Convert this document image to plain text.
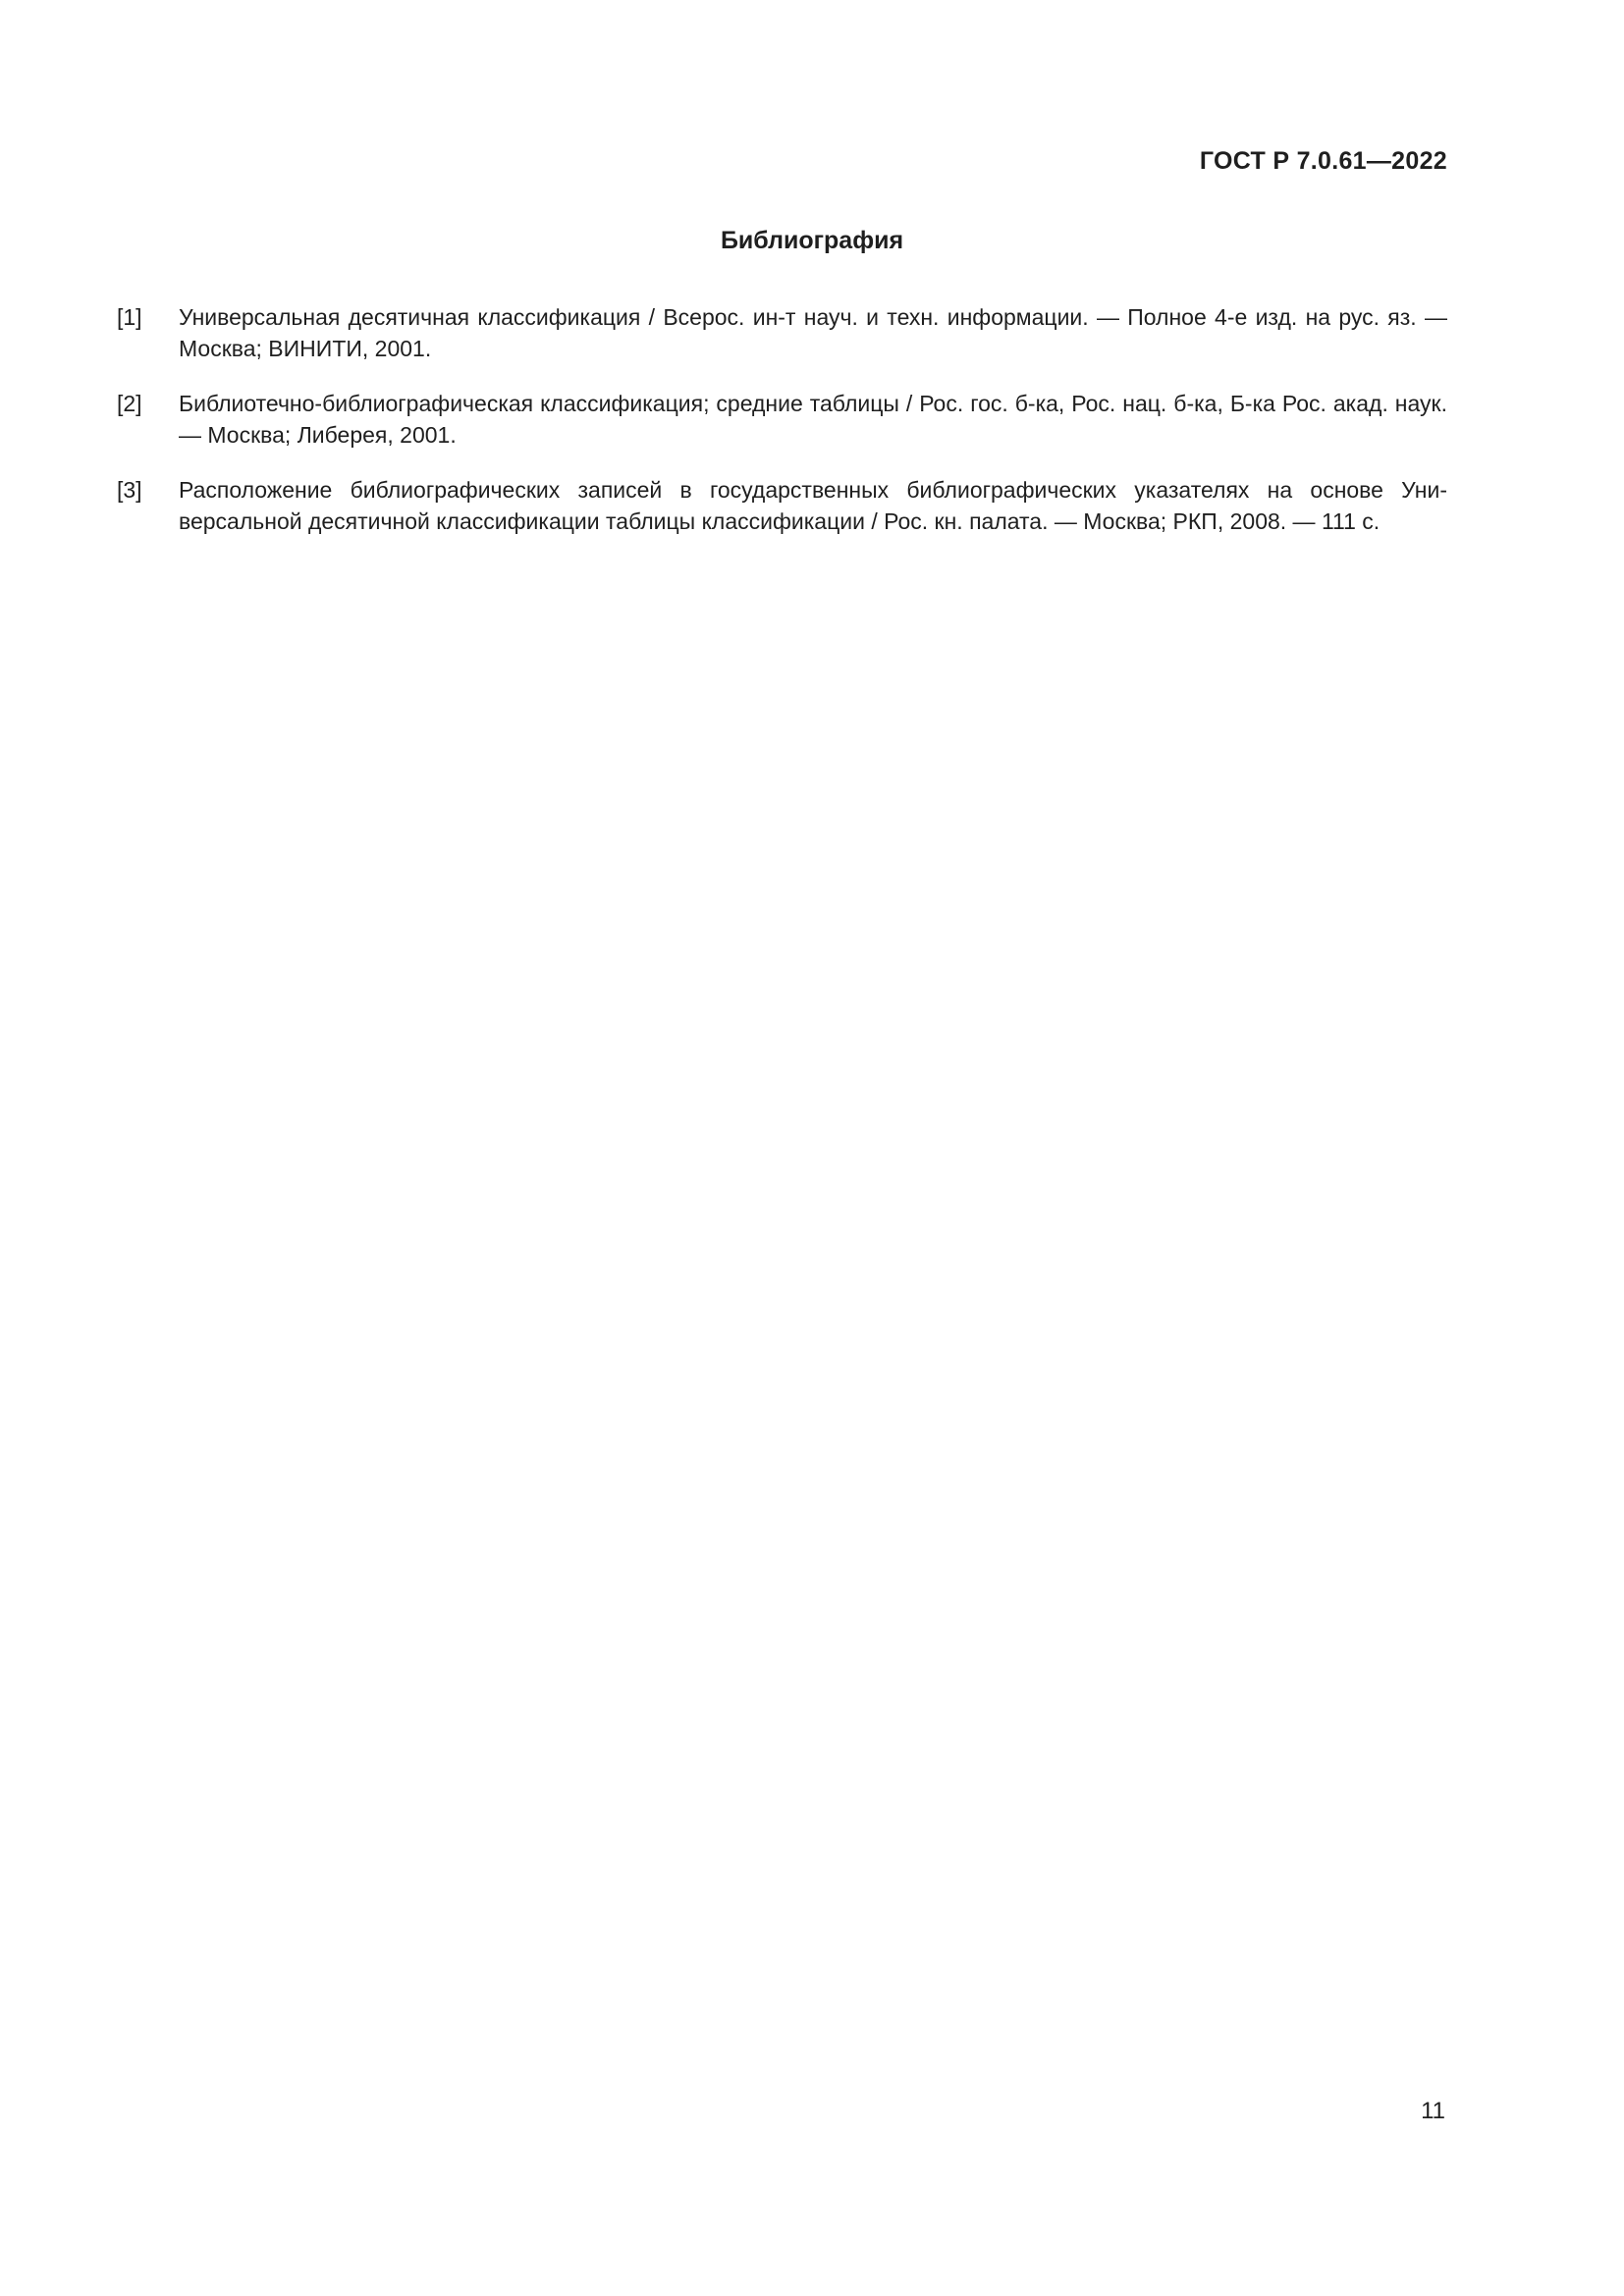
ГОСТ Р 7.0.61—2022
Библиография
[1]	Универсальная десятичная классификация / Всерос. ин-т науч. и техн. информации. — Полное 4-е изд. на рус. яз. — Москва; ВИНИТИ, 2001.
[2]	Библиотечно-библиографическая классификация; средние таблицы / Рос. гос. б-ка, Рос. нац. б-ка, Б-ка Рос. акад. наук. — Москва; Либерея, 2001.
[3]	Расположение библиографических записей в государственных библиографических указателях на основе Универсальной десятичной классификации таблицы классификации / Рос. кн. палата. — Москва; РКП, 2008. — 111 с.
11
